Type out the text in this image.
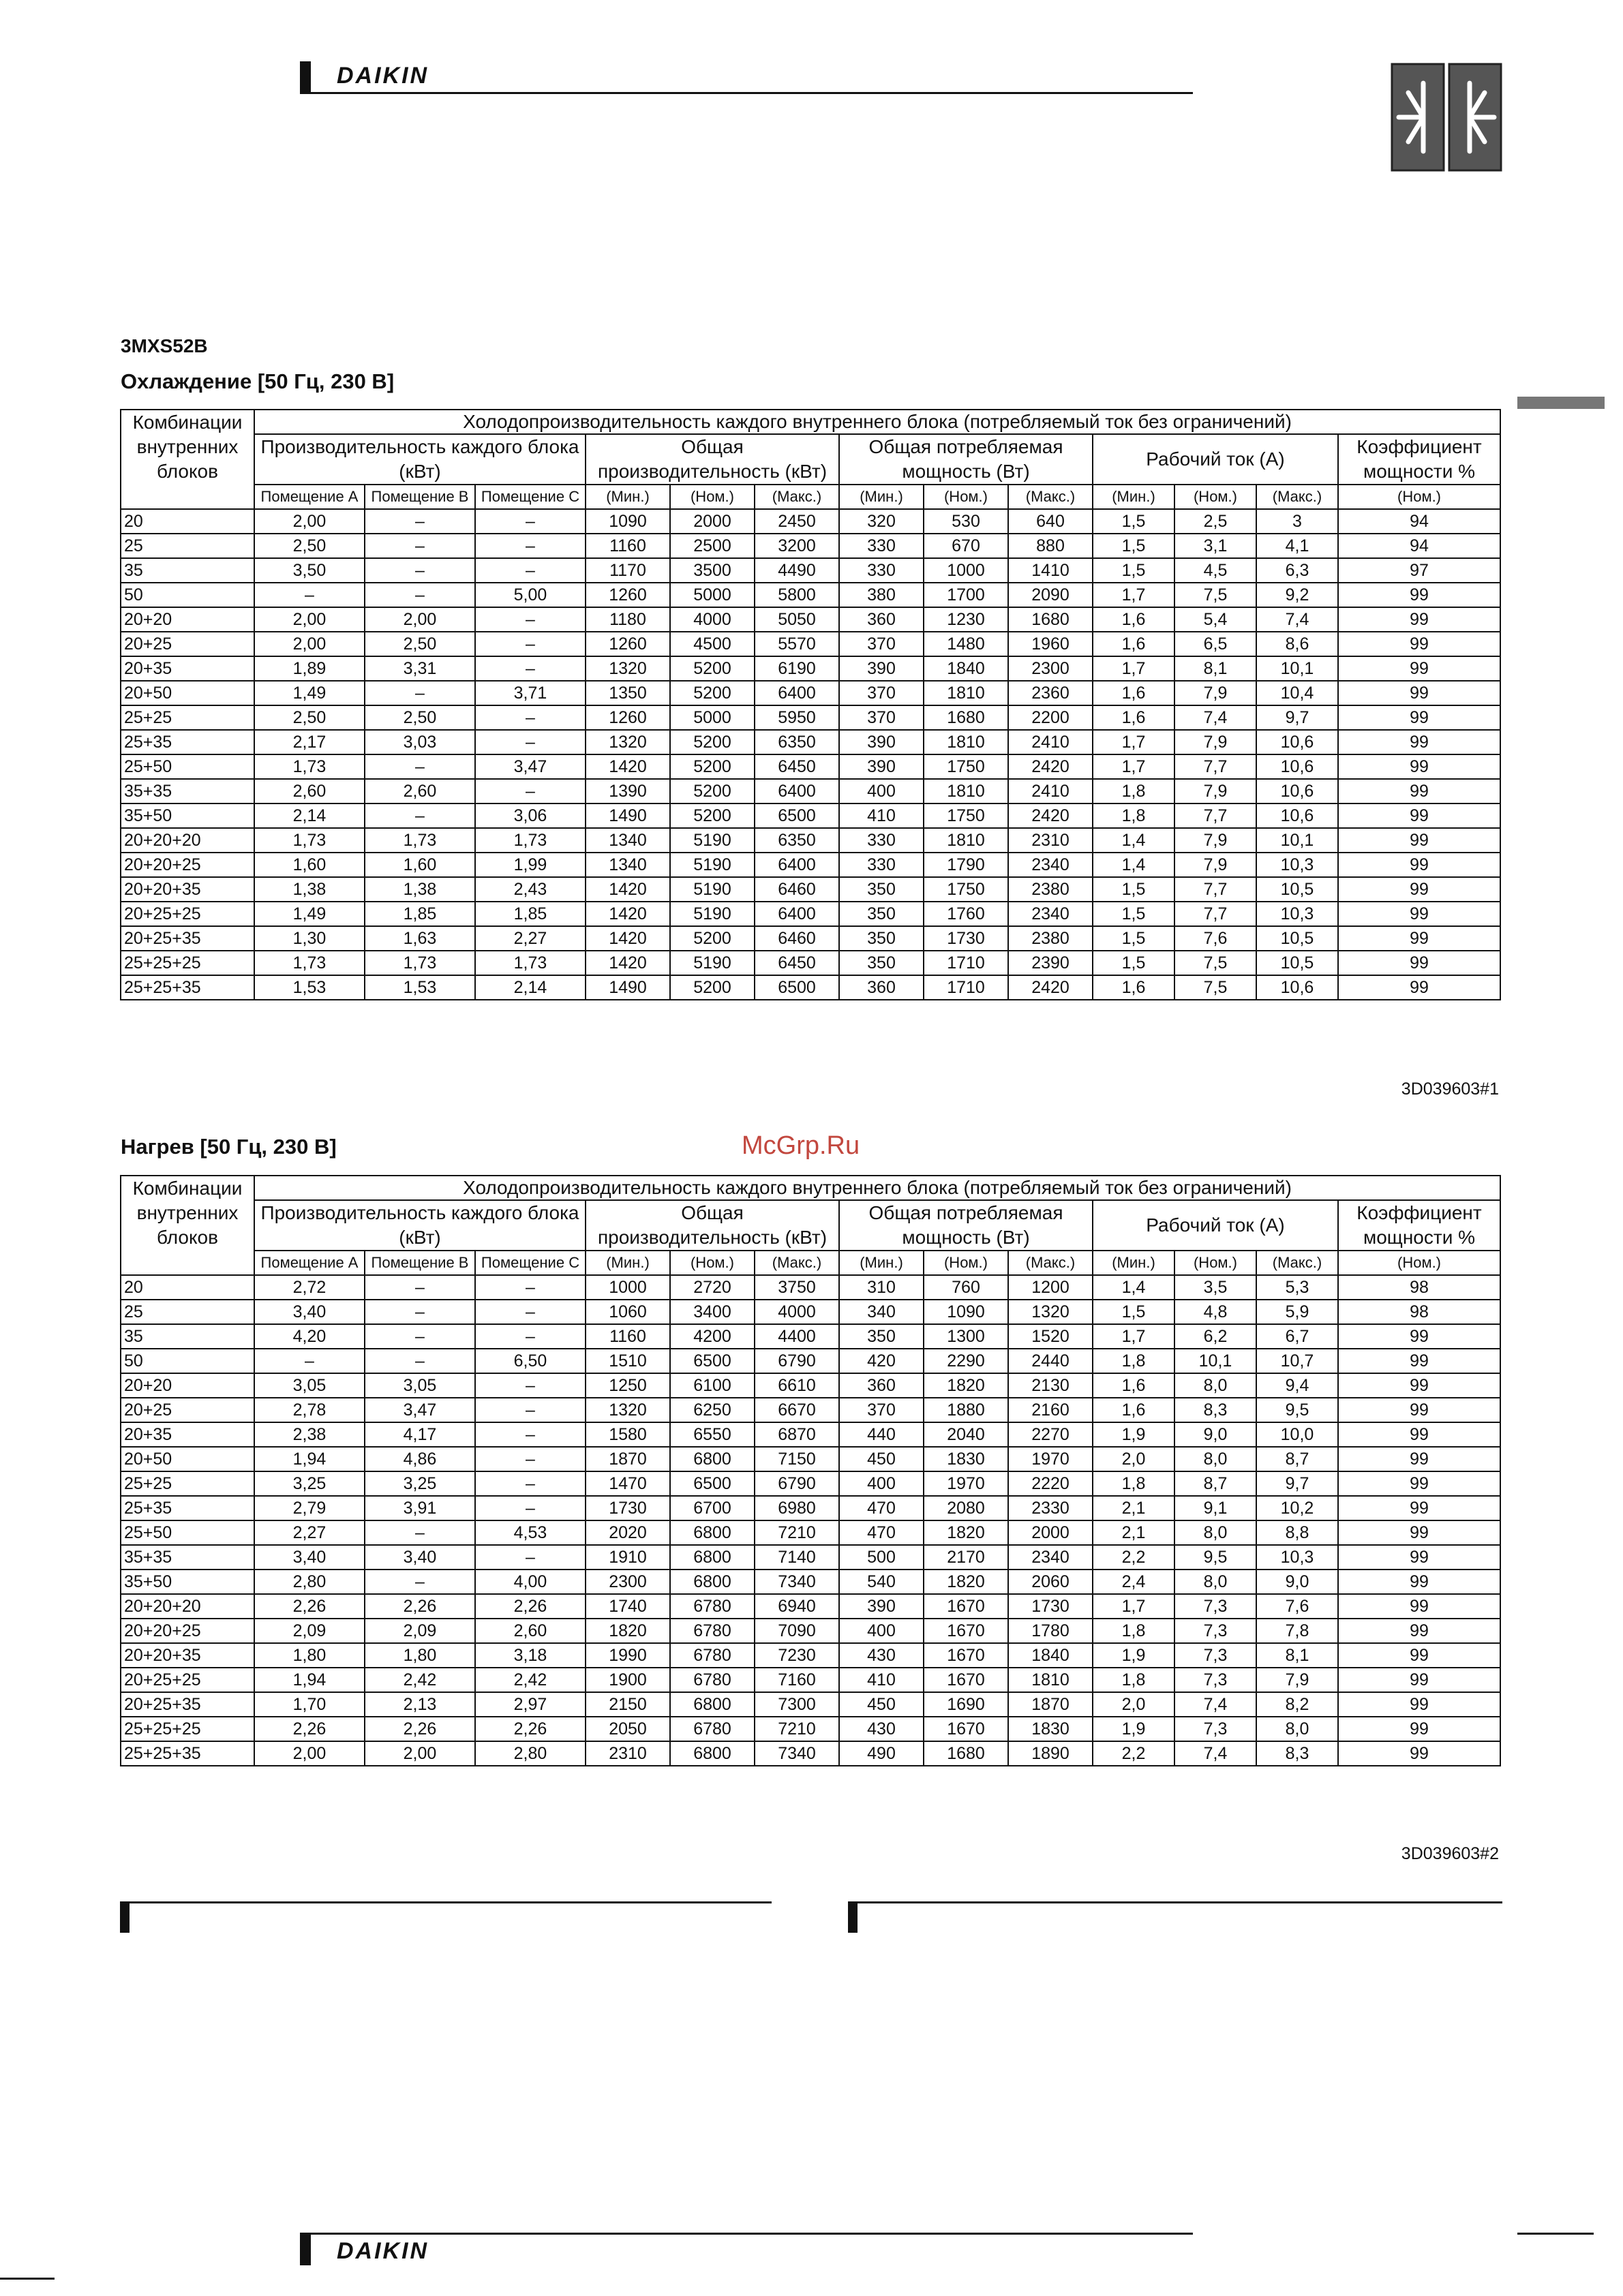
DAIKIN
3MXS52B
Охлаждение [50 Гц, 230 В]
Комбинации внутренних блоков	Холодопроизводительность каждого внутреннего блока (потребляемый ток без ограничений)												
	Производительность каждого блока (кВт)			Общая производительность (кВт)			Общая потребляемая мощность (Вт)			Рабочий ток (A)			Коэффициент мощности %
	Помещение A	Помещение B	Помещение C	(Мин.)	(Ном.)	(Макс.)	(Мин.)	(Ном.)	(Макс.)	(Мин.)	(Ном.)	(Макс.)	(Ном.)
20	2,00	–	–	1090	2000	2450	320	530	640	1,5	2,5	3	94
25	2,50	–	–	1160	2500	3200	330	670	880	1,5	3,1	4,1	94
35	3,50	–	–	1170	3500	4490	330	1000	1410	1,5	4,5	6,3	97
50	–	–	5,00	1260	5000	5800	380	1700	2090	1,7	7,5	9,2	99
20+20	2,00	2,00	–	1180	4000	5050	360	1230	1680	1,6	5,4	7,4	99
20+25	2,00	2,50	–	1260	4500	5570	370	1480	1960	1,6	6,5	8,6	99
20+35	1,89	3,31	–	1320	5200	6190	390	1840	2300	1,7	8,1	10,1	99
20+50	1,49	–	3,71	1350	5200	6400	370	1810	2360	1,6	7,9	10,4	99
25+25	2,50	2,50	–	1260	5000	5950	370	1680	2200	1,6	7,4	9,7	99
25+35	2,17	3,03	–	1320	5200	6350	390	1810	2410	1,7	7,9	10,6	99
25+50	1,73	–	3,47	1420	5200	6450	390	1750	2420	1,7	7,7	10,6	99
35+35	2,60	2,60	–	1390	5200	6400	400	1810	2410	1,8	7,9	10,6	99
35+50	2,14	–	3,06	1490	5200	6500	410	1750	2420	1,8	7,7	10,6	99
20+20+20	1,73	1,73	1,73	1340	5190	6350	330	1810	2310	1,4	7,9	10,1	99
20+20+25	1,60	1,60	1,99	1340	5190	6400	330	1790	2340	1,4	7,9	10,3	99
20+20+35	1,38	1,38	2,43	1420	5190	6460	350	1750	2380	1,5	7,7	10,5	99
20+25+25	1,49	1,85	1,85	1420	5190	6400	350	1760	2340	1,5	7,7	10,3	99
20+25+35	1,30	1,63	2,27	1420	5200	6460	350	1730	2380	1,5	7,6	10,5	99
25+25+25	1,73	1,73	1,73	1420	5190	6450	350	1710	2390	1,5	7,5	10,5	99
25+25+35	1,53	1,53	2,14	1490	5200	6500	360	1710	2420	1,6	7,5	10,6	99
3D039603#1
McGrp.Ru
Нагрев [50 Гц, 230 В]
Комбинации внутренних блоков	Холодопроизводительность каждого внутреннего блока (потребляемый ток без ограничений)												
	Производительность каждого блока (кВт)			Общая производительность (кВт)			Общая потребляемая мощность (Вт)			Рабочий ток (A)			Коэффициент мощности %
	Помещение A	Помещение B	Помещение C	(Мин.)	(Ном.)	(Макс.)	(Мин.)	(Ном.)	(Макс.)	(Мин.)	(Ном.)	(Макс.)	(Ном.)
20	2,72	–	–	1000	2720	3750	310	760	1200	1,4	3,5	5,3	98
25	3,40	–	–	1060	3400	4000	340	1090	1320	1,5	4,8	5,9	98
35	4,20	–	–	1160	4200	4400	350	1300	1520	1,7	6,2	6,7	99
50	–	–	6,50	1510	6500	6790	420	2290	2440	1,8	10,1	10,7	99
20+20	3,05	3,05	–	1250	6100	6610	360	1820	2130	1,6	8,0	9,4	99
20+25	2,78	3,47	–	1320	6250	6670	370	1880	2160	1,6	8,3	9,5	99
20+35	2,38	4,17	–	1580	6550	6870	440	2040	2270	1,9	9,0	10,0	99
20+50	1,94	4,86	–	1870	6800	7150	450	1830	1970	2,0	8,0	8,7	99
25+25	3,25	3,25	–	1470	6500	6790	400	1970	2220	1,8	8,7	9,7	99
25+35	2,79	3,91	–	1730	6700	6980	470	2080	2330	2,1	9,1	10,2	99
25+50	2,27	–	4,53	2020	6800	7210	470	1820	2000	2,1	8,0	8,8	99
35+35	3,40	3,40	–	1910	6800	7140	500	2170	2340	2,2	9,5	10,3	99
35+50	2,80	–	4,00	2300	6800	7340	540	1820	2060	2,4	8,0	9,0	99
20+20+20	2,26	2,26	2,26	1740	6780	6940	390	1670	1730	1,7	7,3	7,6	99
20+20+25	2,09	2,09	2,60	1820	6780	7090	400	1670	1780	1,8	7,3	7,8	99
20+20+35	1,80	1,80	3,18	1990	6780	7230	430	1670	1840	1,9	7,3	8,1	99
20+25+25	1,94	2,42	2,42	1900	6780	7160	410	1670	1810	1,8	7,3	7,9	99
20+25+35	1,70	2,13	2,97	2150	6800	7300	450	1690	1870	2,0	7,4	8,2	99
25+25+25	2,26	2,26	2,26	2050	6780	7210	430	1670	1830	1,9	7,3	8,0	99
25+25+35	2,00	2,00	2,80	2310	6800	7340	490	1680	1890	2,2	7,4	8,3	99
3D039603#2
DAIKIN
